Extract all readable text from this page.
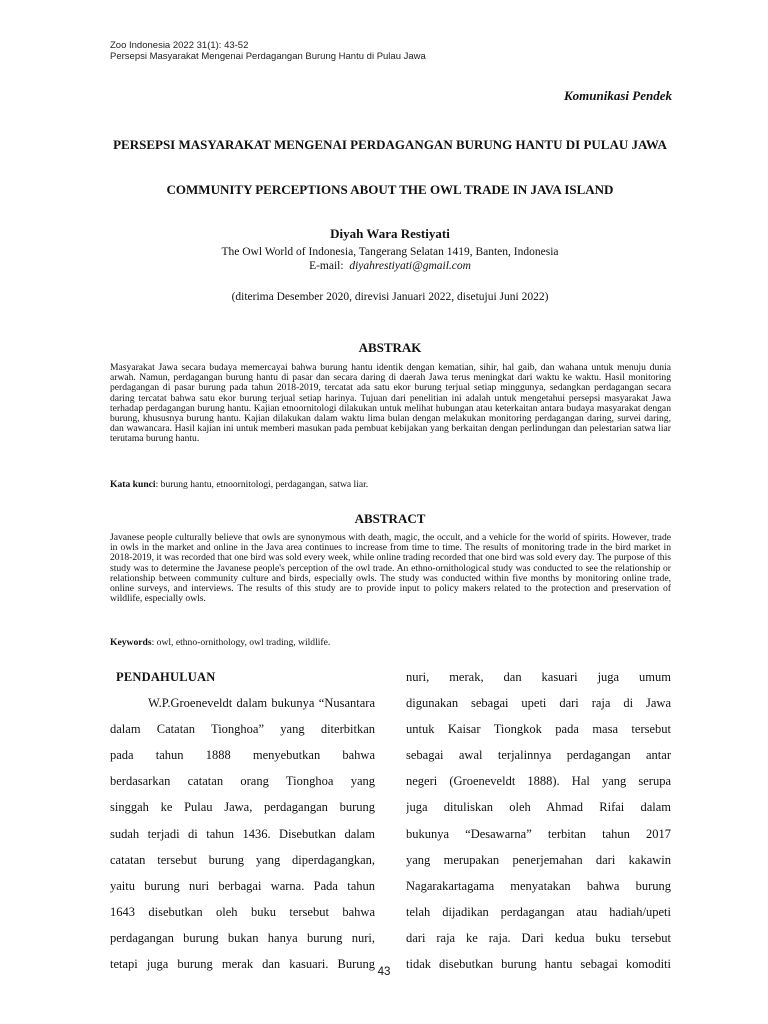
Zoo Indonesia 2022 31(1): 43-52
Persepsi Masyarakat Mengenai Perdagangan Burung Hantu di Pulau Jawa
Komunikasi Pendek
PERSEPSI MASYARAKAT MENGENAI PERDAGANGAN BURUNG HANTU DI PULAU JAWA
COMMUNITY PERCEPTIONS ABOUT THE OWL TRADE IN JAVA ISLAND
Diyah Wara Restiyati
The Owl World of Indonesia, Tangerang Selatan 1419, Banten, Indonesia
E-mail: diyahrestiyati@gmail.com
(diterima Desember 2020, direvisi Januari 2022, disetujui Juni 2022)
ABSTRAK
Masyarakat Jawa secara budaya memercayai bahwa burung hantu identik dengan kematian, sihir, hal gaib, dan wahana untuk menuju dunia arwah. Namun, perdagangan burung hantu di pasar dan secara daring di daerah Jawa terus meningkat dari waktu ke waktu. Hasil monitoring perdagangan di pasar burung pada tahun 2018-2019, tercatat ada satu ekor burung terjual setiap minggunya, sedangkan perdagangan secara daring tercatat bahwa satu ekor burung terjual setiap harinya. Tujuan dari penelitian ini adalah untuk mengetahui persepsi masyarakat Jawa terhadap perdagangan burung hantu. Kajian etnoornitologi dilakukan untuk melihat hubungan atau keterkaitan antara budaya masyarakat dengan burung, khususnya burung hantu. Kajian dilakukan dalam waktu lima bulan dengan melakukan monitoring perdagangan daring, survei daring, dan wawancara. Hasil kajian ini untuk memberi masukan pada pembuat kebijakan yang berkaitan dengan perlindungan dan pelestarian satwa liar terutama burung hantu.
Kata kunci: burung hantu, etnoornitologi, perdagangan, satwa liar.
ABSTRACT
Javanese people culturally believe that owls are synonymous with death, magic, the occult, and a vehicle for the world of spirits. However, trade in owls in the market and online in the Java area continues to increase from time to time. The results of monitoring trade in the bird market in 2018-2019, it was recorded that one bird was sold every week, while online trading recorded that one bird was sold every day. The purpose of this study was to determine the Javanese people's perception of the owl trade. An ethno-ornithological study was conducted to see the relationship or relationship between community culture and birds, especially owls. The study was conducted within five months by monitoring online trade, online surveys, and interviews. The results of this study are to provide input to policy makers related to the protection and preservation of wildlife, especially owls.
Keywords: owl, ethno-ornithology, owl trading, wildlife.
PENDAHULUAN
W.P.Groeneveldt dalam bukunya “Nusantara
dalam Catatan Tionghoa” yang diterbitkan
pada tahun 1888 menyebutkan bahwa
berdasarkan catatan orang Tionghoa yang
singgah ke Pulau Jawa, perdagangan burung
sudah terjadi di tahun 1436. Disebutkan dalam
catatan tersebut burung yang diperdagangkan,
yaitu burung nuri berbagai warna. Pada tahun
1643 disebutkan oleh buku tersebut bahwa
perdagangan burung bukan hanya burung nuri,
tetapi juga burung merak dan kasuari. Burung
nuri, merak, dan kasuari juga umum
digunakan sebagai upeti dari raja di Jawa
untuk Kaisar Tiongkok pada masa tersebut
sebagai awal terjalinnya perdagangan antar
negeri (Groeneveldt 1888). Hal yang serupa
juga dituliskan oleh Ahmad Rifai dalam
bukunya “Desawarna” terbitan tahun 2017
yang merupakan penerjemahan dari kakawin
Nagarakartagama menyatakan bahwa burung
telah dijadikan perdagangan atau hadiah/upeti
dari raja ke raja. Dari kedua buku tersebut
tidak disebutkan burung hantu sebagai komoditi
43
